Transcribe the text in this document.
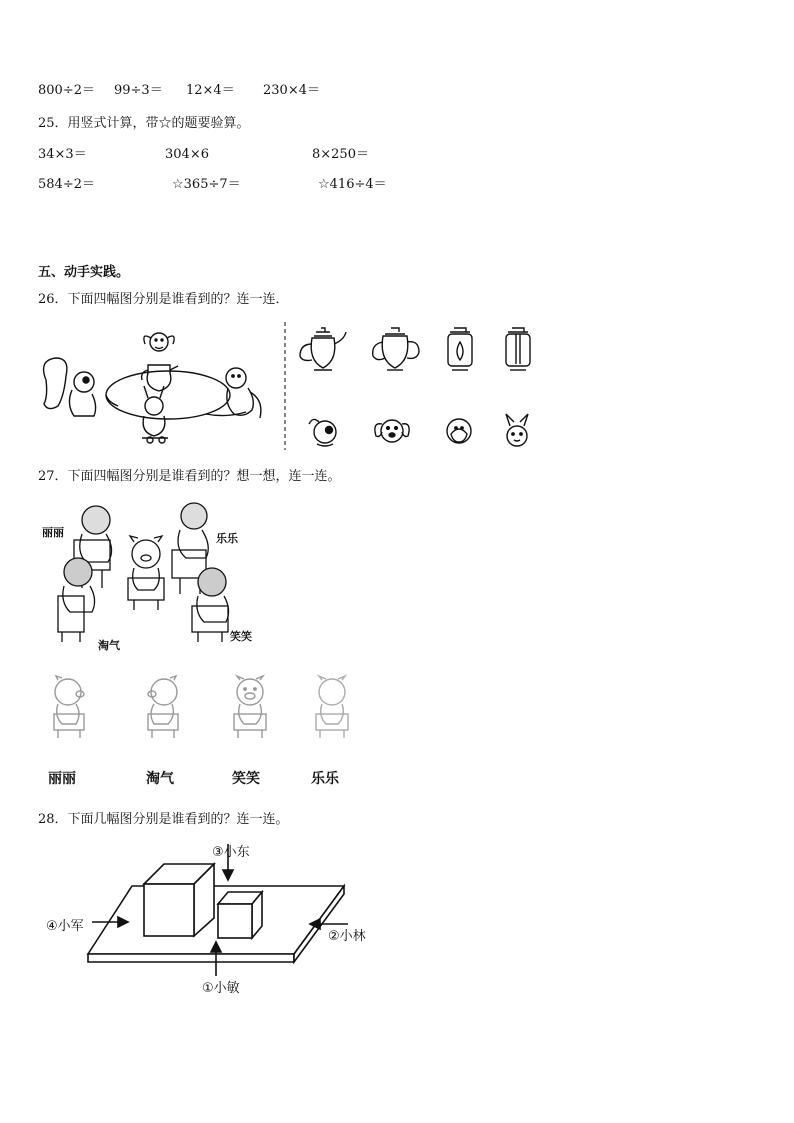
800÷2＝ 99÷3＝ 12×4＝ 230×4＝
25．用竖式计算，带☆的题要验算。
34×3＝	304×6	8×250＝
584÷2＝	☆365÷7＝	☆416÷4＝
五、动手实践。
26．下面四幅图分别是谁看到的？连一连．
27．下面四幅图分别是谁看到的？想一想，连一连。
丽丽	乐乐
淘气
笑笑
丽丽	淘气	笑笑	乐乐
28．下面几幅图分别是谁看到的？连一连。
③小东
④小军
②小林
①小敏
